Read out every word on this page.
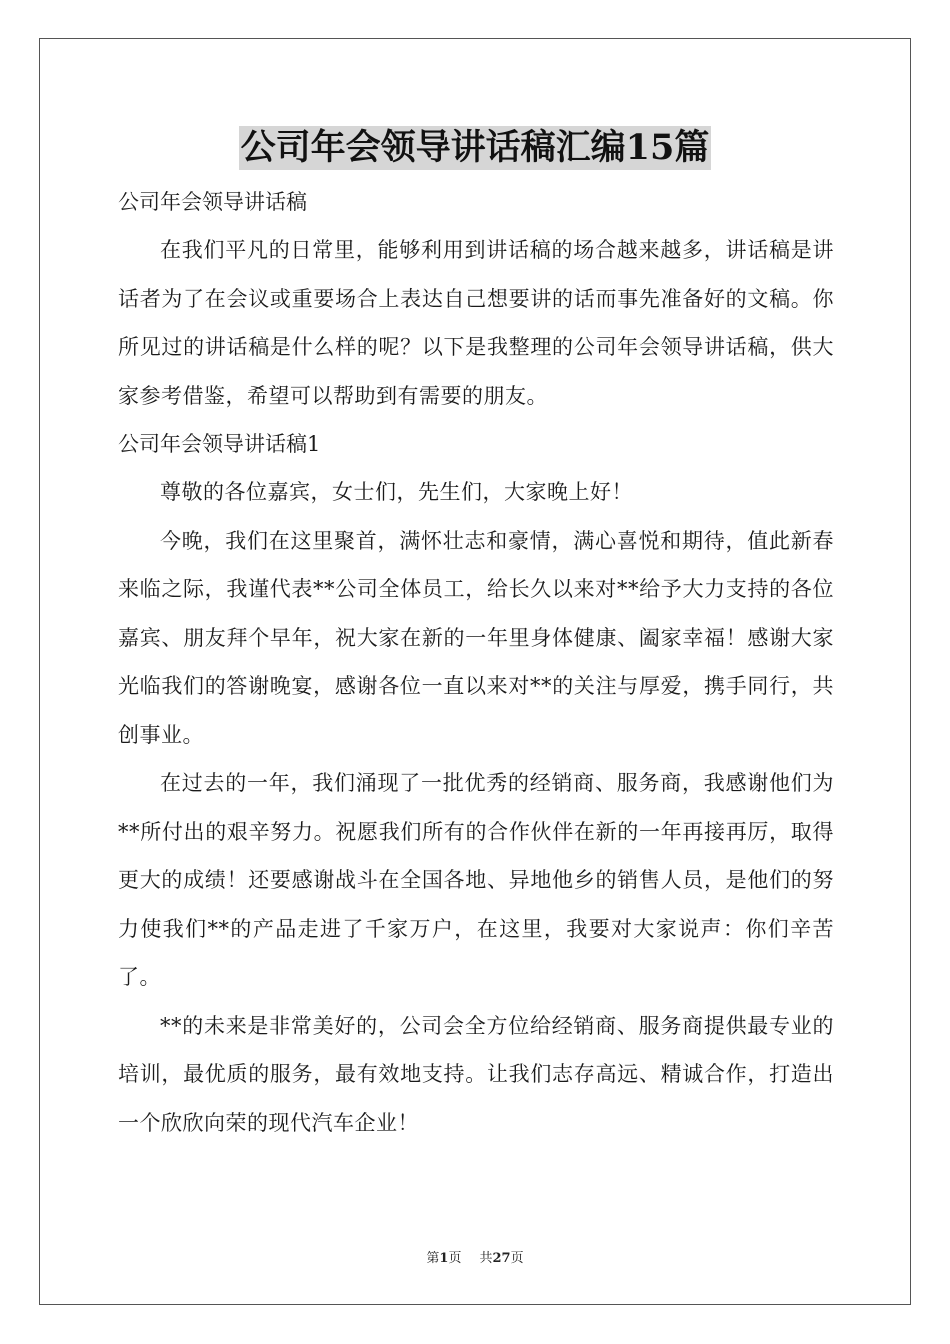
公司年会领导讲话稿汇编15篇

公司年会领导讲话稿

在我们平凡的日常里，能够利用到讲话稿的场合越来越多，讲话稿是讲话者为了在会议或重要场合上表达自己想要讲的话而事先准备好的文稿。你所见过的讲话稿是什么样的呢？以下是我整理的公司年会领导讲话稿，供大家参考借鉴，希望可以帮助到有需要的朋友。

公司年会领导讲话稿1

尊敬的各位嘉宾，女士们，先生们，大家晚上好！

今晚，我们在这里聚首，满怀壮志和豪情，满心喜悦和期待，值此新春来临之际，我谨代表**公司全体员工，给长久以来对**给予大力支持的各位嘉宾、朋友拜个早年，祝大家在新的一年里身体健康、阖家幸福！感谢大家光临我们的答谢晚宴，感谢各位一直以来对**的关注与厚爱，携手同行，共创事业。

在过去的一年，我们涌现了一批优秀的经销商、服务商，我感谢他们为**所付出的艰辛努力。祝愿我们所有的合作伙伴在新的一年再接再厉，取得更大的成绩！还要感谢战斗在全国各地、异地他乡的销售人员，是他们的努力使我们**的产品走进了千家万户，在这里，我要对大家说声：你们辛苦了。

**的未来是非常美好的，公司会全方位给经销商、服务商提供最专业的培训，最优质的服务，最有效地支持。让我们志存高远、精诚合作，打造出一个欣欣向荣的现代汽车企业！

第1页 共27页
